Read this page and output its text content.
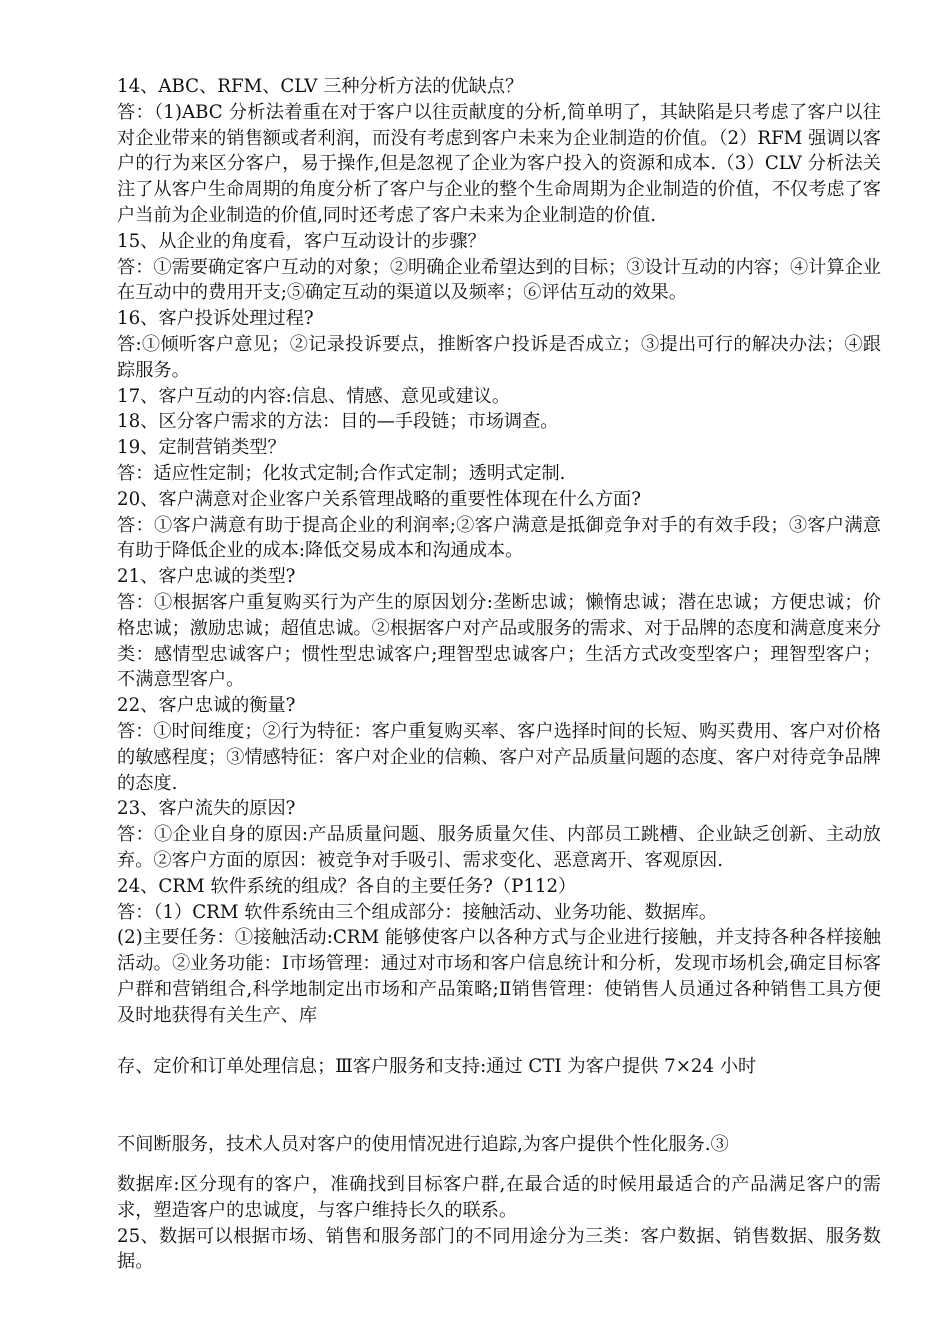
14、ABC、RFM、CLV 三种分析方法的优缺点？

答：（1)ABC 分析法着重在对于客户以往贡献度的分析,简单明了，其缺陷是只考虑了客户以往对企业带来的销售额或者利润，而没有考虑到客户未来为企业制造的价值。（2）RFM 强调以客户的行为来区分客户，易于操作,但是忽视了企业为客户投入的资源和成本.（3）CLV 分析法关注了从客户生命周期的角度分析了客户与企业的整个生命周期为企业制造的价值，不仅考虑了客户当前为企业制造的价值,同时还考虑了客户未来为企业制造的价值.

15、从企业的角度看，客户互动设计的步骤？

答：①需要确定客户互动的对象；②明确企业希望达到的目标；③设计互动的内容；④计算企业在互动中的费用开支;⑤确定互动的渠道以及频率；⑥评估互动的效果。

16、客户投诉处理过程?

答:①倾听客户意见；②记录投诉要点，推断客户投诉是否成立；③提出可行的解决办法；④跟踪服务。

17、客户互动的内容:信息、情感、意见或建议。

18、区分客户需求的方法：目的—手段链；市场调查。

19、定制营销类型？

答：适应性定制；化妆式定制;合作式定制；透明式定制.

20、客户满意对企业客户关系管理战略的重要性体现在什么方面?

答：①客户满意有助于提高企业的利润率;②客户满意是抵御竞争对手的有效手段；③客户满意有助于降低企业的成本:降低交易成本和沟通成本。

21、客户忠诚的类型?

答：①根据客户重复购买行为产生的原因划分:垄断忠诚；懒惰忠诚；潜在忠诚；方便忠诚；价格忠诚；激励忠诚；超值忠诚。②根据客户对产品或服务的需求、对于品牌的态度和满意度来分类：感情型忠诚客户；惯性型忠诚客户;理智型忠诚客户；生活方式改变型客户；理智型客户；不满意型客户。

22、客户忠诚的衡量?

答：①时间维度；②行为特征：客户重复购买率、客户选择时间的长短、购买费用、客户对价格的敏感程度；③情感特征：客户对企业的信赖、客户对产品质量问题的态度、客户对待竞争品牌的态度.

23、客户流失的原因?

答：①企业自身的原因:产品质量问题、服务质量欠佳、内部员工跳槽、企业缺乏创新、主动放弃。②客户方面的原因：被竞争对手吸引、需求变化、恶意离开、客观原因.

24、CRM 软件系统的组成？各自的主要任务?（P112）

答：（1）CRM 软件系统由三个组成部分：接触活动、业务功能、数据库。

(2)主要任务：①接触活动:CRM 能够使客户以各种方式与企业进行接触，并支持各种各样接触活动。②业务功能：Ⅰ市场管理：通过对市场和客户信息统计和分析，发现市场机会,确定目标客户群和营销组合,科学地制定出市场和产品策略;Ⅱ销售管理：使销售人员通过各种销售工具方便及时地获得有关生产、库

存、定价和订单处理信息；Ⅲ客户服务和支持:通过 CTI 为客户提供 7×24 小时

不间断服务，技术人员对客户的使用情况进行追踪,为客户提供个性化服务.③

数据库:区分现有的客户，准确找到目标客户群,在最合适的时候用最适合的产品满足客户的需求，塑造客户的忠诚度，与客户维持长久的联系。

25、数据可以根据市场、销售和服务部门的不同用途分为三类：客户数据、销售数据、服务数据。
